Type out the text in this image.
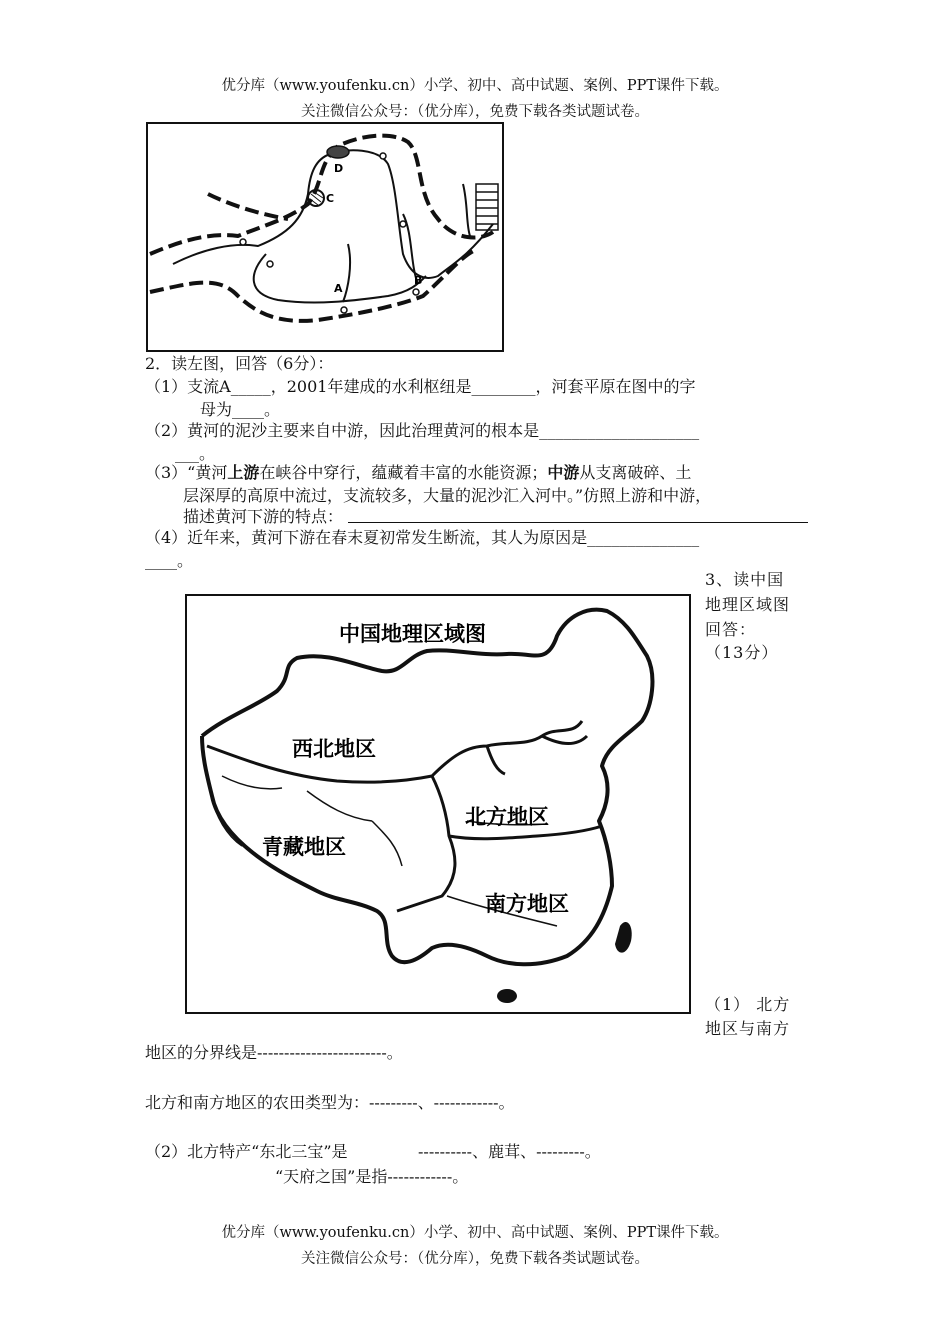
优分库（www.youfenku.cn）小学、初中、高中试题、案例、PPT课件下载。
关注微信公众号：（优分库），免费下载各类试题试卷。
D
C
B
A
2．读左图，回答（6分）：
（1）支流A_____，2001年建成的水利枢纽是________，河套平原在图中的字
母为____。
（2）黄河的泥沙主要来自中游，因此治理黄河的根本是____________________
___。
（3）“黄河上游在峡谷中穿行，蕴藏着丰富的水能资源；中游从支离破碎、土
层深厚的高原中流过，支流较多，大量的泥沙汇入河中。”仿照上游和中游，
描述黄河下游的特点：
（4）近年来，黄河下游在春末夏初常发生断流，其人为原因是______________
____。
中国地理区域图
西北地区
北方地区
青藏地区
南方地区
3、读中国
地理区域图
回答：
（13分）
（1） 北方
地区与南方
地区的分界线是------------------------。
北方和南方地区的农田类型为：---------、------------。
（2）北方特产“东北三宝”是	----------、鹿茸、---------。
“天府之国”是指------------。
优分库（www.youfenku.cn）小学、初中、高中试题、案例、PPT课件下载。
关注微信公众号：（优分库），免费下载各类试题试卷。
